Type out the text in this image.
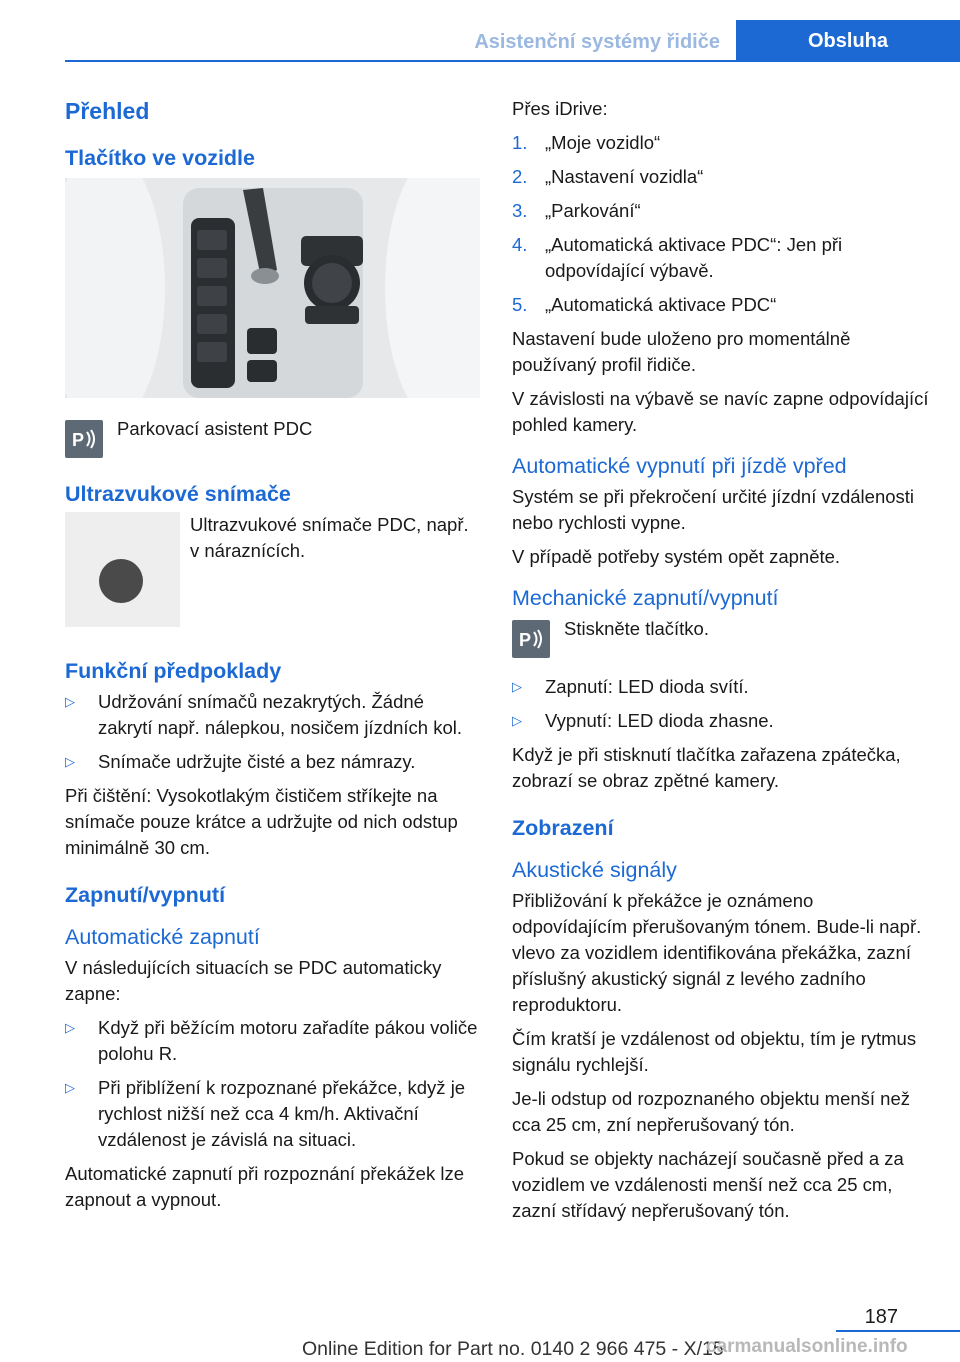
Asistenční systémy řidiče	Obsluha
Přehled
Tlačítko ve vozidle
P
Parkovací asistent PDC
Ultrazvukové snímače
Ultrazvukové snímače PDC, např. v náraznících.
Funkční předpoklady
▷ Udržování snímačů nezakrytých. Žádné zakrytí např. nálepkou, nosičem jízdních kol.
▷ Snímače udržujte čisté a bez námrazy.
Při čištění: Vysokotlakým čističem stříkejte na snímače pouze krátce a udržujte od nich odstup minimálně 30 cm.
Zapnutí/vypnutí
Automatické zapnutí
V následujících situacích se PDC automaticky zapne:
▷ Když při běžícím motoru zařadíte pákou voliče polohu R.
▷ Při přiblížení k rozpoznané překážce, když je rychlost nižší než cca 4 km/h. Aktivační vzdálenost je závislá na situaci.
Automatické zapnutí při rozpoznání překážek lze zapnout a vypnout.
Přes iDrive:
1. „Moje vozidlo“
2. „Nastavení vozidla“
3. „Parkování“
4. „Automatická aktivace PDC“: Jen při odpovídající výbavě.
5. „Automatická aktivace PDC“
Nastavení bude uloženo pro momentálně používaný profil řidiče.
V závislosti na výbavě se navíc zapne odpovídající pohled kamery.
Automatické vypnutí při jízdě vpřed
Systém se při překročení určité jízdní vzdálenosti nebo rychlosti vypne.
V případě potřeby systém opět zapněte.
Mechanické zapnutí/vypnutí
P
Stiskněte tlačítko.
▷ Zapnutí: LED dioda svítí.
▷ Vypnutí: LED dioda zhasne.
Když je při stisknutí tlačítka zařazena zpátečka, zobrazí se obraz zpětné kamery.
Zobrazení
Akustické signály
Přibližování k překážce je oznámeno odpovídajícím přerušovaným tónem. Bude-li např. vlevo za vozidlem identifikována překážka, zazní příslušný akustický signál z levého zadního reproduktoru.
Čím kratší je vzdálenost od objektu, tím je rytmus signálu rychlejší.
Je-li odstup od rozpoznaného objektu menší než cca 25 cm, zní nepřerušovaný tón.
Pokud se objekty nacházejí současně před a za vozidlem ve vzdálenosti menší než cca 25 cm, zazní střídavý nepřerušovaný tón.
187
Online Edition for Part no. 0140 2 966 475 - X/15
carmanualsonline.info
